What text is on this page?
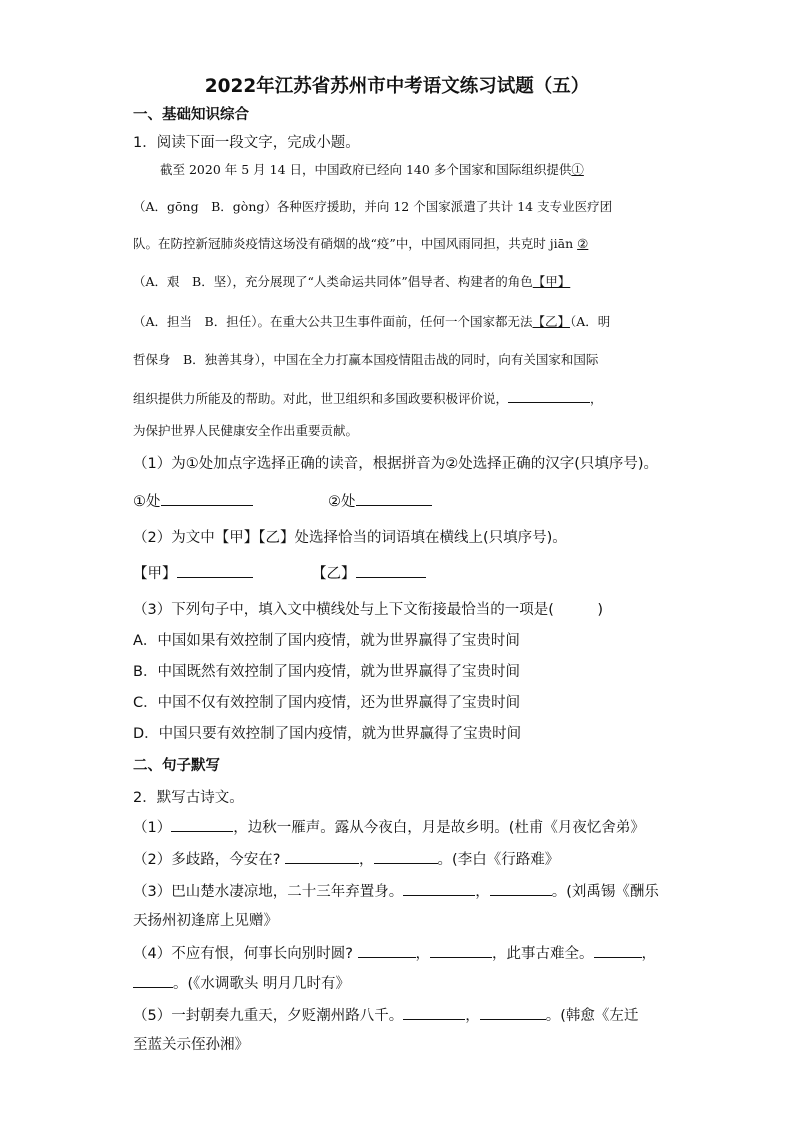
2022年江苏省苏州市中考语文练习试题（五）
一、基础知识综合
1．阅读下面一段文字，完成小题。
截至 2020 年 5 月 14 日，中国政府已经向 140 多个国家和国际组织提供①
（A．gōng　B．gòng）各种医疗援助，并向 12 个国家派遣了共计 14 支专业医疗团
队。在防控新冠肺炎疫情这场没有硝烟的战“疫”中，中国风雨同担，共克时 jiān ②
（A．艰　B．坚），充分展现了“人类命运共同体”倡导者、构建者的角色【甲】
（A．担当　B．担任）。在重大公共卫生事件面前，任何一个国家都无法【乙】（A．明
哲保身　B．独善其身），中国在全力打赢本国疫情阻击战的同时，向有关国家和国际
组织提供力所能及的帮助。对此，世卫组织和多国政要积极评价说，	，
为保护世界人民健康安全作出重要贡献。
（1）为①处加点字选择正确的读音，根据拼音为②处选择正确的汉字(只填序号)。
①处	②处
（2）为文中【甲】【乙】处选择恰当的词语填在横线上(只填序号)。
【甲】	【乙】
（3）下列句子中，填入文中横线处与上下文衔接最恰当的一项是(　　　)
A．中国如果有效控制了国内疫情，就为世界赢得了宝贵时间
B．中国既然有效控制了国内疫情，就为世界赢得了宝贵时间
C．中国不仅有效控制了国内疫情，还为世界赢得了宝贵时间
D．中国只要有效控制了国内疫情，就为世界赢得了宝贵时间
二、句子默写
2．默写古诗文。
（1）	，边秋一雁声。露从今夜白，月是故乡明。(杜甫《月夜忆舍弟》
（2）多歧路，今安在?	，	。(李白《行路难》
（3）巴山楚水凄凉地，二十三年弃置身。	，	。(刘禹锡《酬乐
天扬州初逢席上见赠》
（4）不应有恨，何事长向别时圆?	，	，此事古难全。	，
。(《水调歌头 明月几时有》
（5）一封朝奏九重天，夕贬潮州路八千。	，	。(韩愈《左迁
至蓝关示侄孙湘》
